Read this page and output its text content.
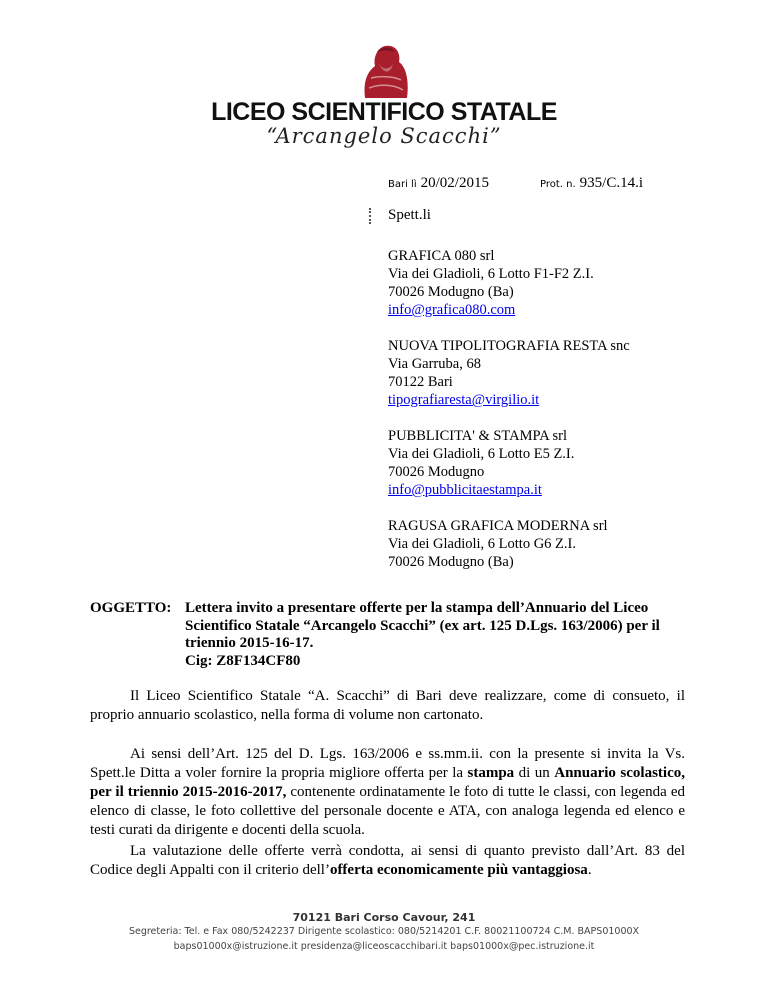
LICEO SCIENTIFICO STATALE
“Arcangelo Scacchi”
Bari lì 20/02/2015	Prot. n. 935/C.14.i
Spett.li
GRAFICA 080 srl
Via dei Gladioli, 6 Lotto F1-F2 Z.I.
70026 Modugno (Ba)
info@grafica080.com
NUOVA TIPOLITOGRAFIA RESTA snc
Via Garruba, 68
70122 Bari
tipografiaresta@virgilio.it
PUBBLICITA' & STAMPA srl
Via dei Gladioli, 6 Lotto E5 Z.I.
70026 Modugno
info@pubblicitaestampa.it
RAGUSA GRAFICA MODERNA srl
Via dei Gladioli, 6 Lotto G6 Z.I.
70026 Modugno (Ba)
OGGETTO: Lettera invito a presentare offerte per la stampa dell’Annuario del Liceo
Scientifico Statale “Arcangelo Scacchi” (ex art. 125 D.Lgs. 163/2006) per il
triennio 2015-16-17.
Cig: Z8F134CF80

Il Liceo Scientifico Statale “A. Scacchi” di Bari deve realizzare, come di consueto, il proprio annuario scolastico, nella forma di volume non cartonato.

Ai sensi dell’Art. 125 del D. Lgs. 163/2006 e ss.mm.ii. con la presente si invita la Vs. Spett.le Ditta a voler fornire la propria migliore offerta per la stampa di un Annuario scolastico, per il triennio 2015-2016-2017, contenente ordinatamente le foto di tutte le classi, con legenda ed elenco di classe, le foto collettive del personale docente e ATA, con analoga legenda ed elenco e testi curati da dirigente e docenti della scuola.

La valutazione delle offerte verrà condotta, ai sensi di quanto previsto dall’Art. 83 del Codice degli Appalti con il criterio dell’offerta economicamente più vantaggiosa.

70121 Bari Corso Cavour, 241
Segreteria: Tel. e Fax 080/5242237 Dirigente scolastico: 080/5214201 C.F. 80021100724 C.M. BAPS01000X
baps01000x@istruzione.it presidenza@liceoscacchibari.it baps01000x@pec.istruzione.it
